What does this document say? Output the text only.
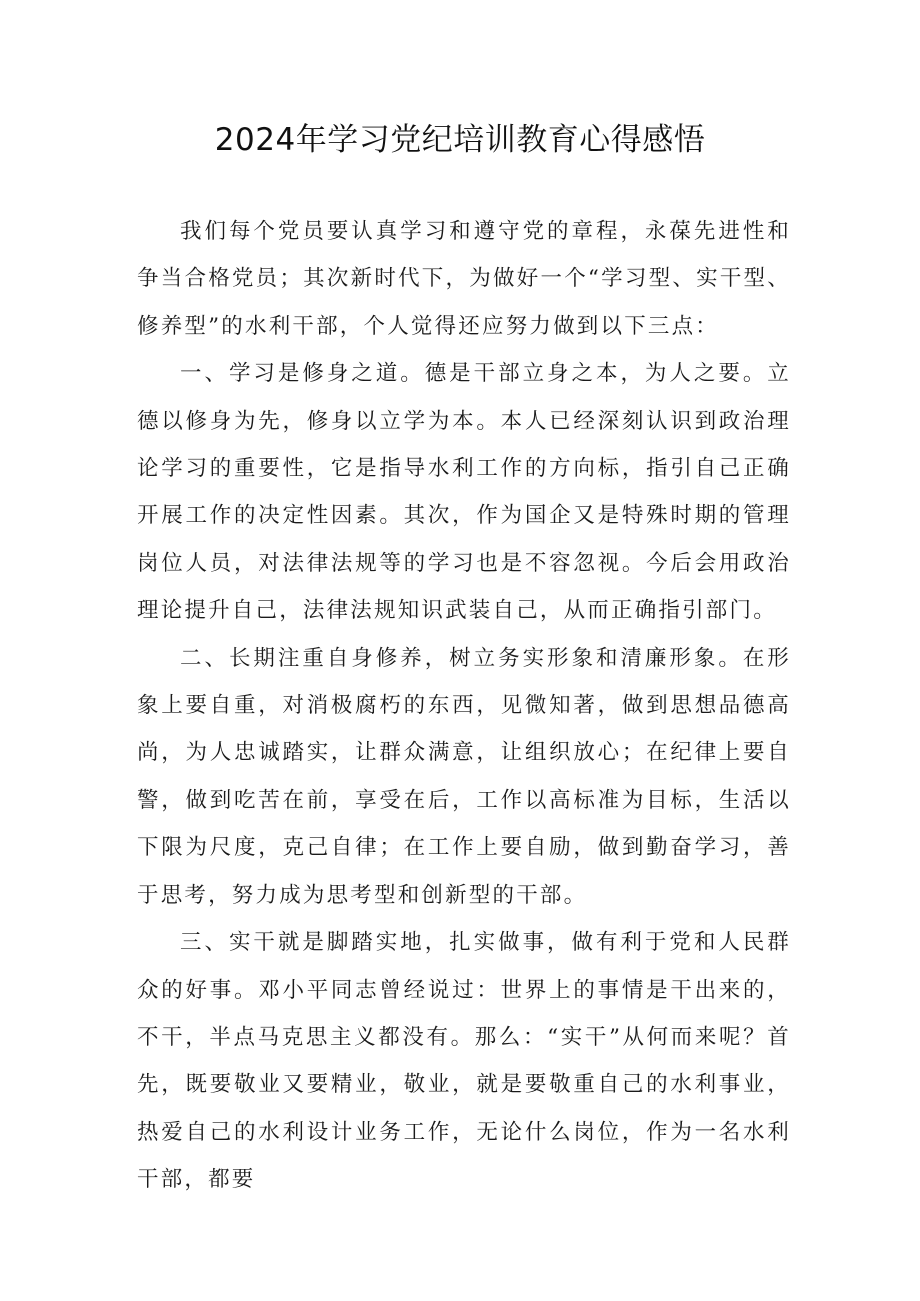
2024年学习党纪培训教育心得感悟

我们每个党员要认真学习和遵守党的章程，永葆先进性和争当合格党员；其次新时代下，为做好一个“学习型、实干型、修养型”的水利干部，个人觉得还应努力做到以下三点：

一、学习是修身之道。德是干部立身之本，为人之要。立德以修身为先，修身以立学为本。本人已经深刻认识到政治理论学习的重要性，它是指导水利工作的方向标，指引自己正确开展工作的决定性因素。其次，作为国企又是特殊时期的管理岗位人员，对法律法规等的学习也是不容忽视。今后会用政治理论提升自己，法律法规知识武装自己，从而正确指引部门。

二、长期注重自身修养，树立务实形象和清廉形象。在形象上要自重，对消极腐朽的东西，见微知著，做到思想品德高尚，为人忠诚踏实，让群众满意，让组织放心；在纪律上要自警，做到吃苦在前，享受在后，工作以高标准为目标，生活以下限为尺度，克己自律；在工作上要自励，做到勤奋学习，善于思考，努力成为思考型和创新型的干部。

三、实干就是脚踏实地，扎实做事，做有利于党和人民群众的好事。邓小平同志曾经说过：世界上的事情是干出来的，不干，半点马克思主义都没有。那么：“实干”从何而来呢？首先，既要敬业又要精业，敬业，就是要敬重自己的水利事业，热爱自己的水利设计业务工作，无论什么岗位，作为一名水利干部，都要
